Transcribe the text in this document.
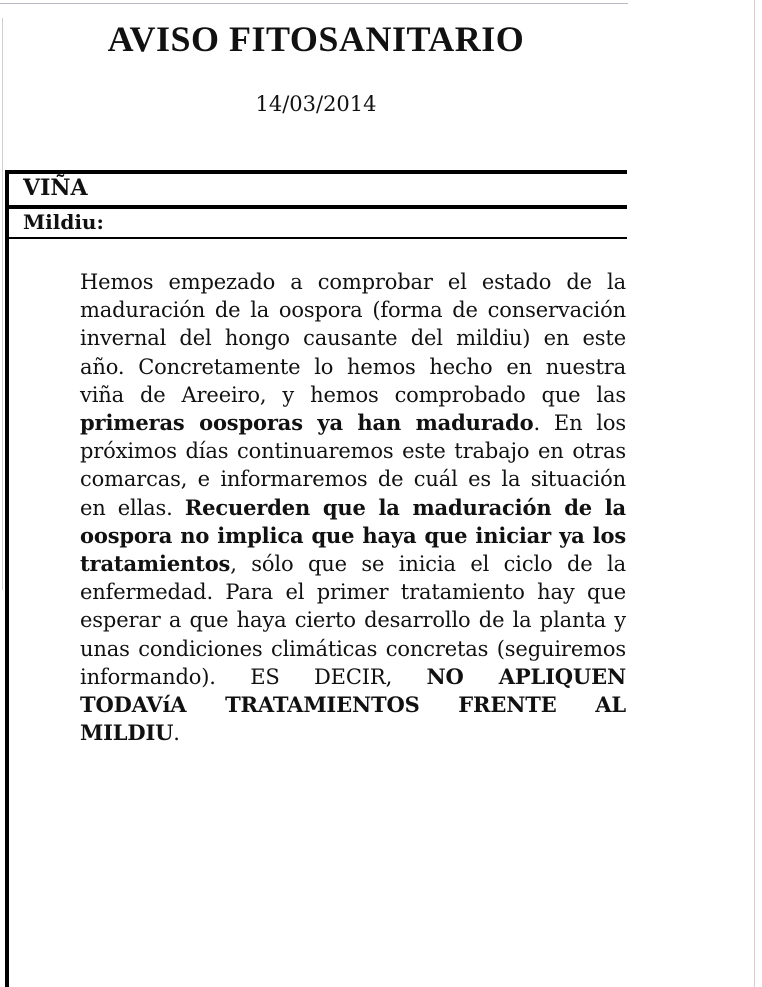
AVISO FITOSANITARIO
14/03/2014
VIÑA
Mildiu:
Hemos empezado a comprobar el estado de la maduración de la oospora (forma de conservación invernal del hongo causante del mildiu) en este año. Concretamente lo hemos hecho en nuestra viña de Areeiro, y hemos comprobado que las primeras oosporas ya han madurado. En los próximos días continuaremos este trabajo en otras comarcas, e informaremos de cuál es la situación en ellas. Recuerden que la maduración de la oospora no implica que haya que iniciar ya los tratamientos, sólo que se inicia el ciclo de la enfermedad. Para el primer tratamiento hay que esperar a que haya cierto desarrollo de la planta y unas condiciones climáticas concretas (seguiremos informando). ES DECIR, NO APLIQUEN TODAVíA TRATAMIENTOS FRENTE AL MILDIU.
